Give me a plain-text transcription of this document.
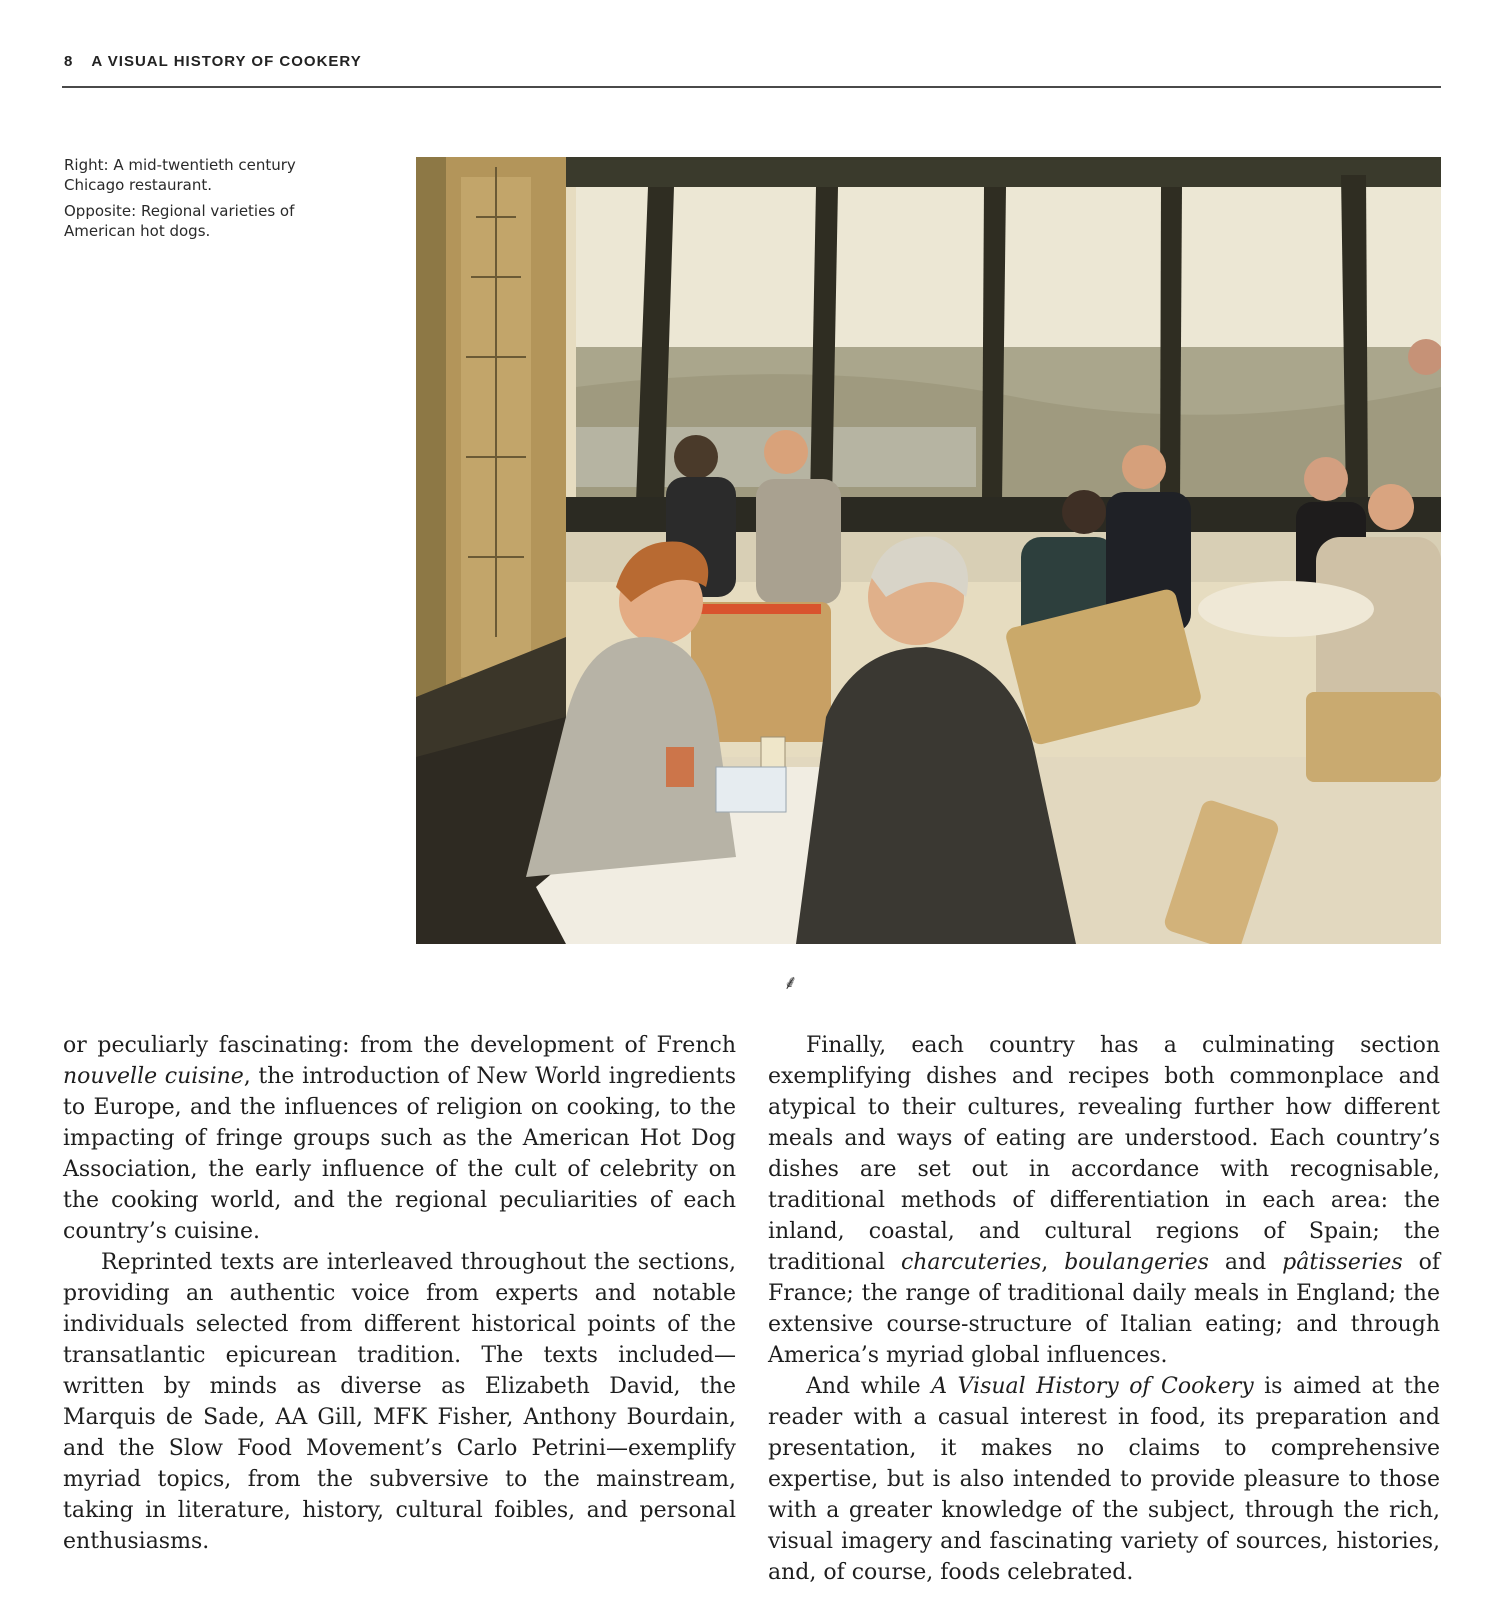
8 A VISUAL HISTORY OF COOKERY

Right: A mid-twentieth century Chicago restaurant.

Opposite: Regional varieties of American hot dogs.

⸙

or peculiarly fascinating: from the development of French nouvelle cuisine, the introduction of New World ingredients to Europe, and the influences of religion on cooking, to the impacting of fringe groups such as the American Hot Dog Association, the early influence of the cult of celebrity on the cooking world, and the regional peculiarities of each country’s cuisine.

Reprinted texts are interleaved throughout the sections, providing an authentic voice from experts and notable individuals selected from different historical points of the transatlantic epicurean tradition. The texts included—written by minds as diverse as Elizabeth David, the Marquis de Sade, AA Gill, MFK Fisher, Anthony Bourdain, and the Slow Food Movement’s Carlo Petrini—exemplify myriad topics, from the subversive to the mainstream, taking in literature, history, cultural foibles, and personal enthusiasms.

Finally, each country has a culminating section exemplifying dishes and recipes both commonplace and atypical to their cultures, revealing further how different meals and ways of eating are understood. Each country’s dishes are set out in accordance with recognisable, traditional methods of differentiation in each area: the inland, coastal, and cultural regions of Spain; the traditional charcuteries, boulangeries and pâtisseries of France; the range of traditional daily meals in England; the extensive course-structure of Italian eating; and through America’s myriad global influences.

And while A Visual History of Cookery is aimed at the reader with a casual interest in food, its preparation and presentation, it makes no claims to comprehensive expertise, but is also intended to provide pleasure to those with a greater knowledge of the subject, through the rich, visual imagery and fascinating variety of sources, histories, and, of course, foods celebrated.
